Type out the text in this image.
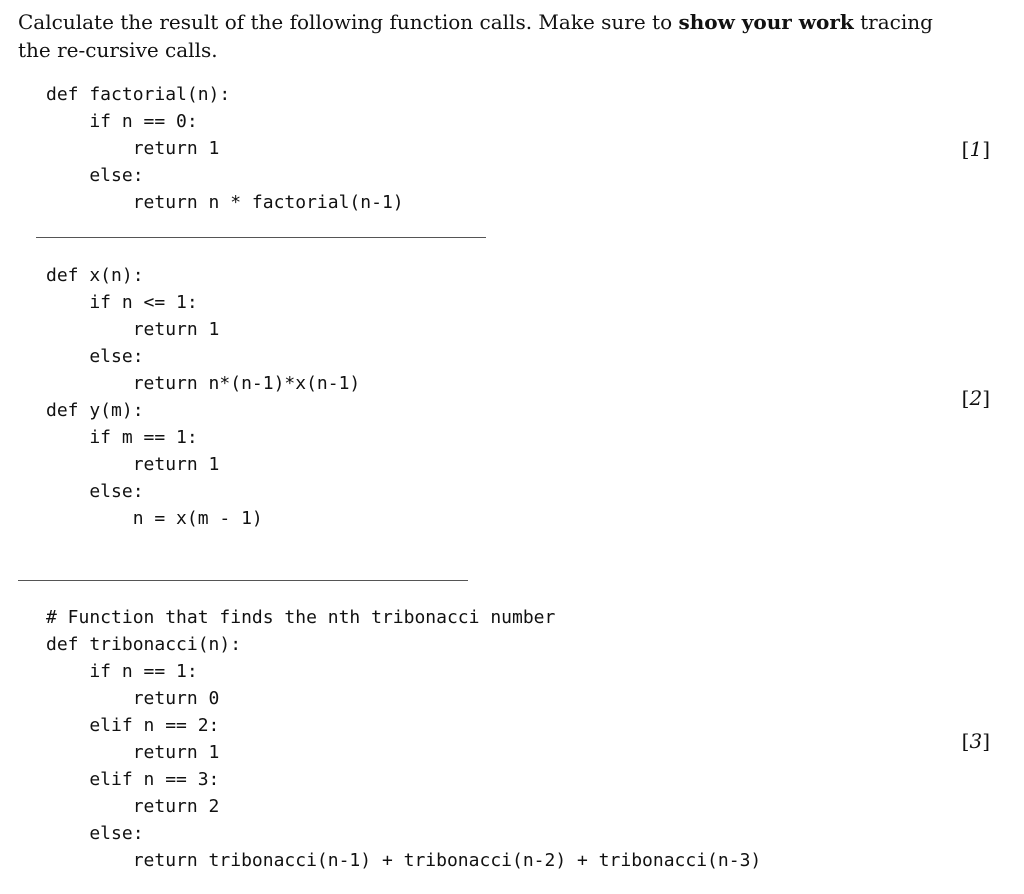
Calculate the result of the following function calls. Make sure to show your work tracing the re-cursive calls.

def factorial(n):
if n == 0:
return 1
else:
return n * factorial(n-1)
[1]
def x(n):
if n <= 1:
return 1
else:
return n*(n-1)*x(n-1)
def y(m):
if m == 1:
return 1
else:
n = x(m - 1)
[2]
# Function that finds the nth tribonacci number
def tribonacci(n):
if n == 1:
return 0
elif n == 2:
return 1
elif n == 3:
return 2
else:
return tribonacci(n-1) + tribonacci(n-2) + tribonacci(n-3)
[3]
